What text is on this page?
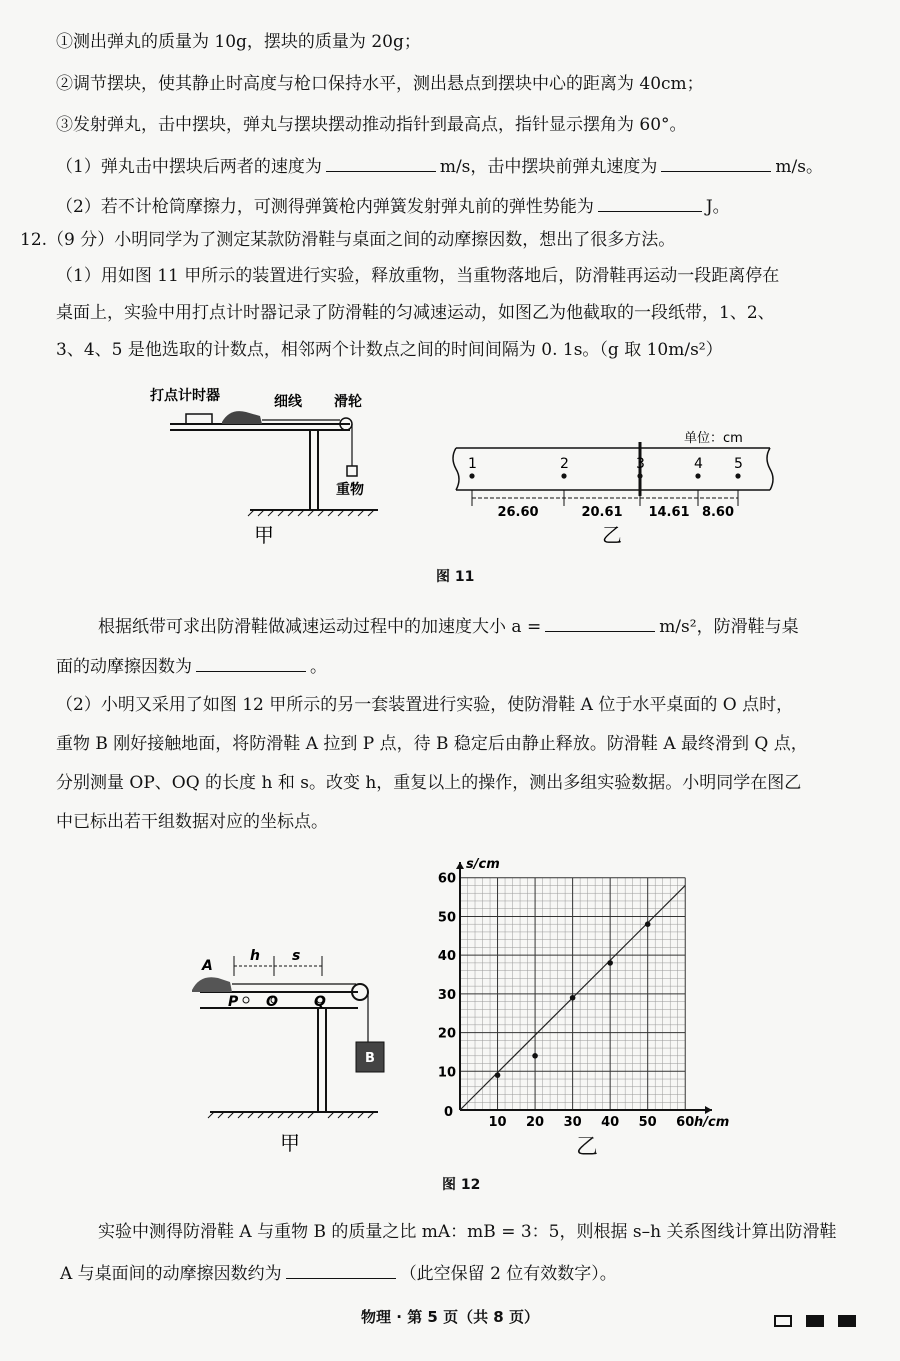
①测出弹丸的质量为 10g，摆块的质量为 20g；
②调节摆块，使其静止时高度与枪口保持水平，测出悬点到摆块中心的距离为 40cm；
③发射弹丸，击中摆块，弹丸与摆块摆动推动指针到最高点，指针显示摆角为 60°。
（1）弹丸击中摆块后两者的速度为	m/s，击中摆块前弹丸速度为	m/s。
（2）若不计枪筒摩擦力，可测得弹簧枪内弹簧发射弹丸前的弹性势能为	J。
12.（9 分）小明同学为了测定某款防滑鞋与桌面之间的动摩擦因数，想出了很多方法。
（1）用如图 11 甲所示的装置进行实验，释放重物，当重物落地后，防滑鞋再运动一段距离停在
桌面上，实验中用打点计时器记录了防滑鞋的匀减速运动，如图乙为他截取的一段纸带，1、2、
3、4、5 是他选取的计数点，相邻两个计数点之间的时间间隔为 0. 1s。（g 取 10m/s²）
打点计时器	细线 滑轮
重物
甲
单位：cm
1	2	3	4 5
26.60	20.61 14.61 8.60
乙
图 11
根据纸带可求出防滑鞋做减速运动过程中的加速度大小 a =	m/s²，防滑鞋与桌
面的动摩擦因数为	。
（2）小明又采用了如图 12 甲所示的另一套装置进行实验，使防滑鞋 A 位于水平桌面的 O 点时，
重物 B 刚好接触地面，将防滑鞋 A 拉到 P 点，待 B 稳定后由静止释放。防滑鞋 A 最终滑到 Q 点，
分别测量 OP、OQ 的长度 h 和 s。改变 h，重复以上的操作，测出多组实验数据。小明同学在图乙
中已标出若干组数据对应的坐标点。
A
h s
P O	Q
B
甲
10 20 30 40 50 60
10
20
30
40
50
60
h/cm
s/cm
0
乙
图 12
实验中测得防滑鞋 A 与重物 B 的质量之比 mA：mB = 3：5，则根据 s–h 关系图线计算出防滑鞋
A 与桌面间的动摩擦因数约为	（此空保留 2 位有效数字）。
物理 · 第 5 页（共 8 页）
